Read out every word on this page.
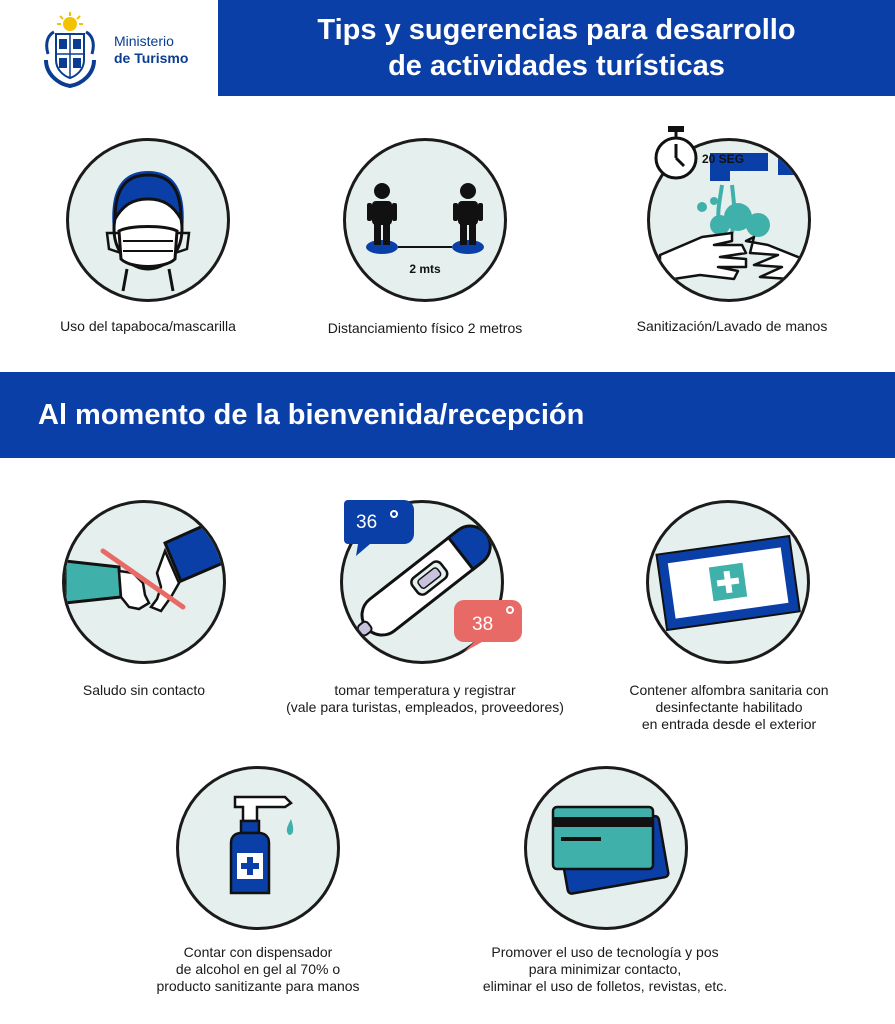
Ministerio
de Turismo
Tips y sugerencias para desarrollo
de actividades turísticas
Uso del tapaboca/mascarilla
2 mts
Distanciamiento físico 2 metros
20 SEG
Sanitización/Lavado de manos
Al momento de la bienvenida/recepción
Saludo sin contacto
36
38
tomar temperatura y registrar
(vale para turistas, empleados, proveedores)
Contener alfombra sanitaria con
desinfectante habilitado
en entrada desde el exterior
Contar con dispensador
de alcohol en gel al 70% o
producto sanitizante para manos
Promover el uso de tecnología y pos
para minimizar contacto,
eliminar el uso de folletos, revistas, etc.
